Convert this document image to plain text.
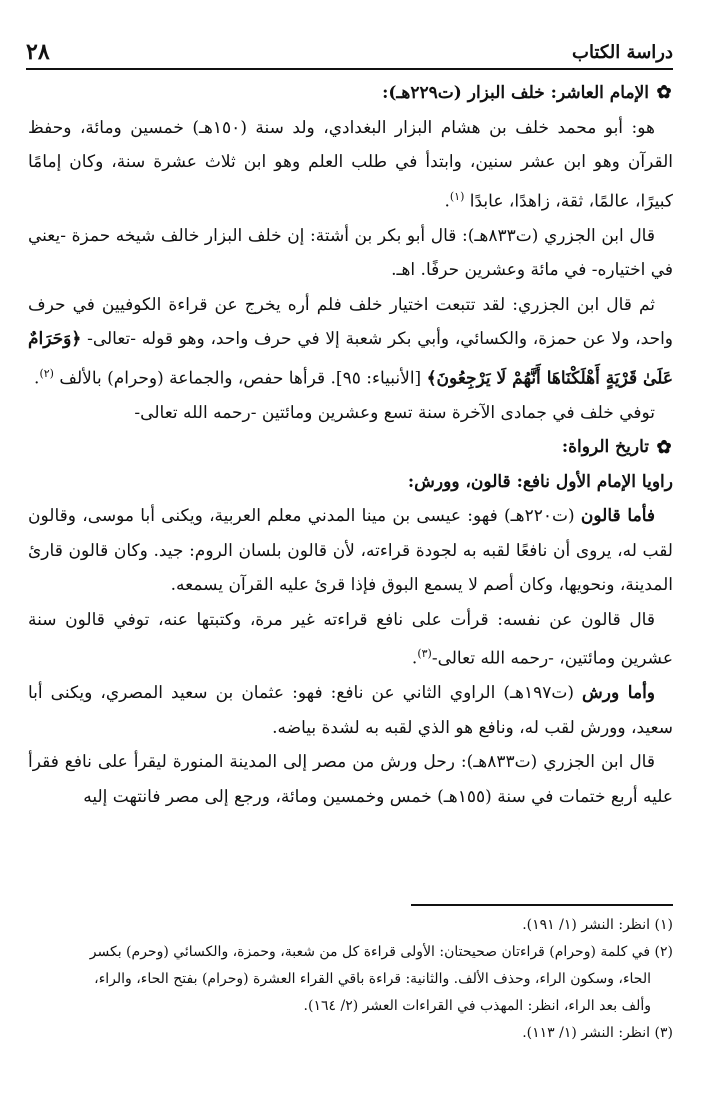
دراسة الكتاب
٢٨

✿
الإمام العاشر: خلف البزار (ت٢٢٩هـ):

هو: أبو محمد خلف بن هشام البزار البغدادي، ولد سنة (١٥٠هـ) خمسين ومائة، وحفظ القرآن وهو ابن عشر سنين، وابتدأ في طلب العلم وهو ابن ثلاث عشرة سنة، وكان إمامًا كبيرًا، عالمًا، ثقة، زاهدًا، عابدًا $^{(١)}$.

قال ابن الجزري (ت٨٣٣هـ): قال أبو بكر بن أشتة: إن خلف البزار خالف شيخه حمزة -يعني في اختياره- في مائة وعشرين حرفًا. اهـ.

ثم قال ابن الجزري: لقد تتبعت اختيار خلف فلم أره يخرج عن قراءة الكوفيين في حرف واحد، ولا عن حمزة، والكسائي، وأبي بكر شعبة إلا في حرف واحد، وهو قوله -تعالى- ﴿وَحَرَامٌ عَلَىٰ قَرْيَةٍ أَهْلَكْنَاهَا أَنَّهُمْ لَا يَرْجِعُونَ﴾ [الأنبياء: ٩٥]. قرأها حفص، والجماعة (وحرام) بالألف $^{(٢)}$.

توفي خلف في جمادى الآخرة سنة تسع وعشرين ومائتين -رحمه الله تعالى-

✿
تاريخ الرواة:

راويا الإمام الأول نافع: قالون، وورش:

فأما قالون (ت٢٢٠هـ) فهو: عيسى بن مينا المدني معلم العربية، ويكنى أبا موسى، وقالون لقب له، يروى أن نافعًا لقبه به لجودة قراءته، لأن قالون بلسان الروم: جيد. وكان قالون قارئ المدينة، ونحويها، وكان أصم لا يسمع البوق فإذا قرئ عليه القرآن يسمعه.

قال قالون عن نفسه: قرأت على نافع قراءته غير مرة، وكتبتها عنه، توفي قالون سنة عشرين ومائتين، -رحمه الله تعالى-$^{(٣)}$.

وأما ورش (ت١٩٧هـ) الراوي الثاني عن نافع: فهو: عثمان بن سعيد المصري، ويكنى أبا سعيد، وورش لقب له، ونافع هو الذي لقبه به لشدة بياضه.

قال ابن الجزري (ت٨٣٣هـ): رحل ورش من مصر إلى المدينة المنورة ليقرأ على نافع فقرأ عليه أربع ختمات في سنة (١٥٥هـ) خمس وخمسين ومائة، ورجع إلى مصر فانتهت إليه

(١) انظر: النشر (١/ ١٩١).

(٢) في كلمة (وحرام) قراءتان صحيحتان: الأولى قراءة كل من شعبة، وحمزة، والكسائي (وحرم) بكسر

الحاء، وسكون الراء، وحذف الألف. والثانية: قراءة باقي القراء العشرة (وحرام) بفتح الحاء، والراء،

وألف بعد الراء، انظر: المهذب في القراءات العشر (٢/ ١٦٤).

(٣) انظر: النشر (١/ ١١٣).
